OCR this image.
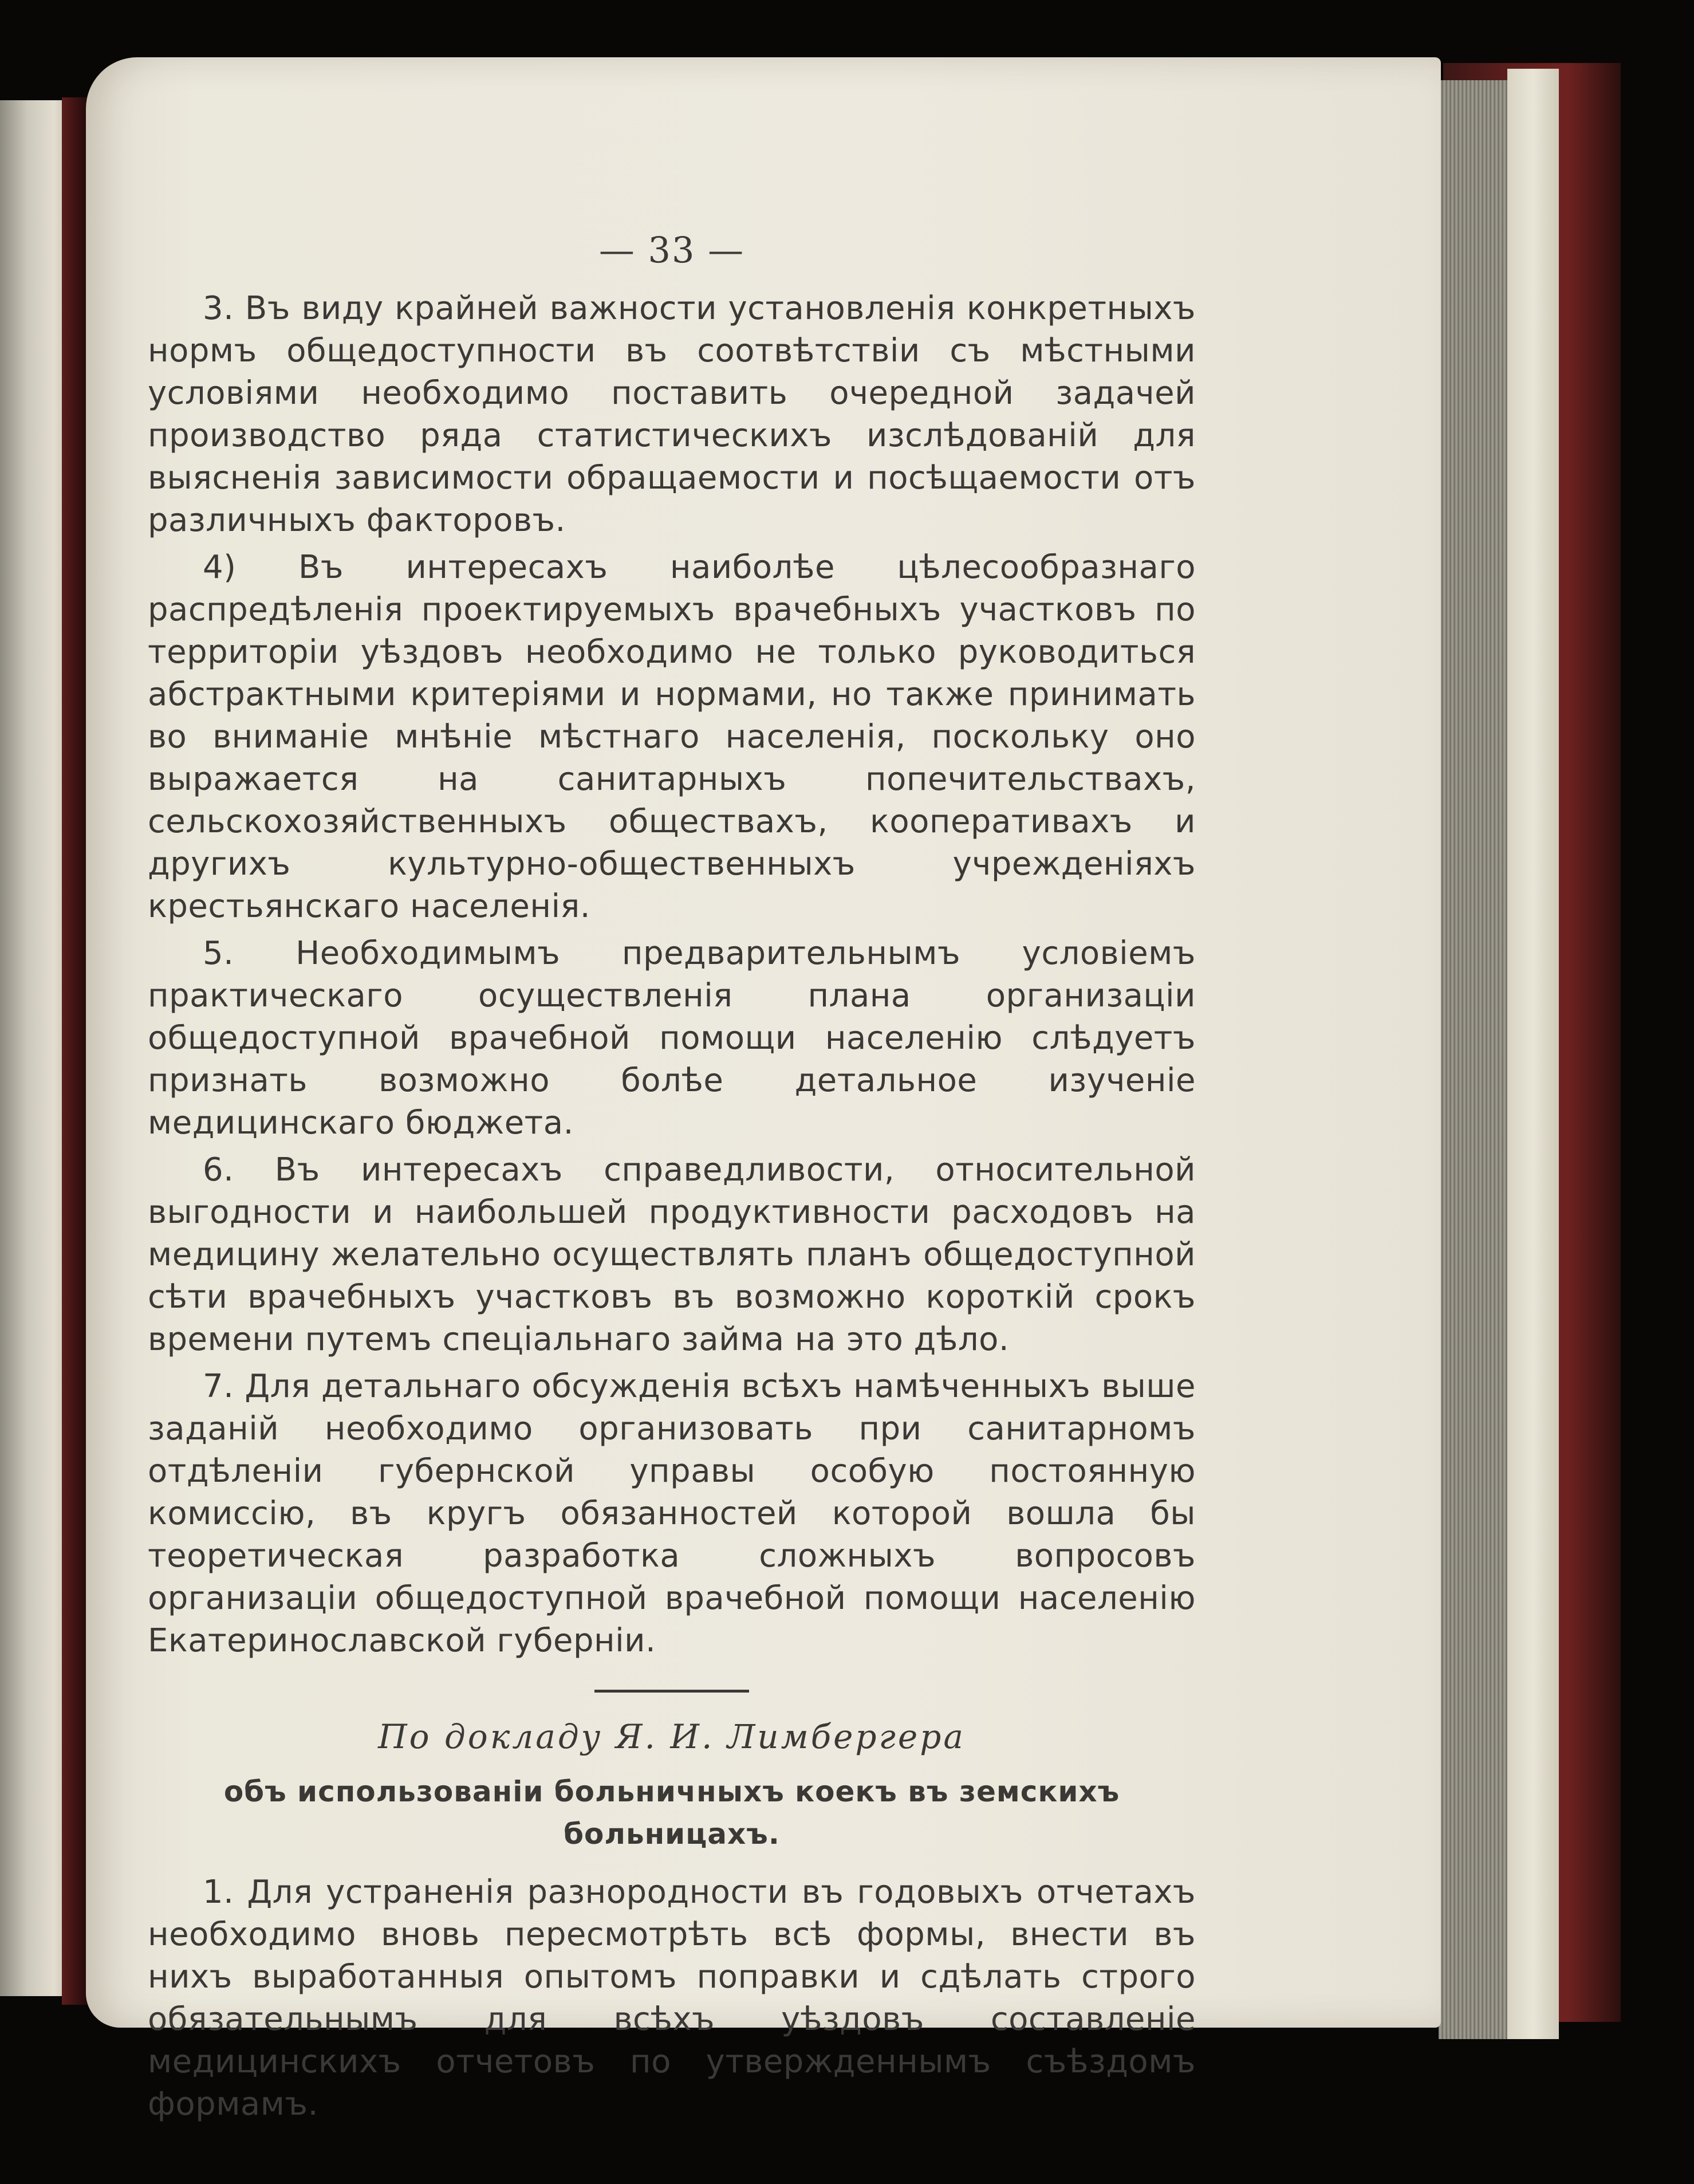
— 33 —

3. Въ виду крайней важности установленія конкретныхъ нормъ общедоступности въ соотвѣтствіи съ мѣстными условіями необходимо поставить очередной задачей производство ряда статистическихъ изслѣдованій для выясненія зависимости обращаемости и посѣщаемости отъ различныхъ факторовъ.

4) Въ интересахъ наиболѣе цѣлесообразнаго распредѣленія проектируемыхъ врачебныхъ участковъ по территоріи уѣздовъ необходимо не только руководиться абстрактными критеріями и нормами, но также принимать во вниманіе мнѣніе мѣстнаго населенія, поскольку оно выражается на санитарныхъ попечительствахъ, сельскохозяйственныхъ обществахъ, кооперативахъ и другихъ культурно-общественныхъ учрежденіяхъ крестьянскаго населенія.

5. Необходимымъ предварительнымъ условіемъ практическаго осуществленія плана организаціи общедоступной врачебной помощи населенію слѣдуетъ признать возможно болѣе детальное изученіе медицинскаго бюджета.

6. Въ интересахъ справедливости, относительной выгодности и наибольшей продуктивности расходовъ на медицину желательно осуществлять планъ общедоступной сѣти врачебныхъ участковъ въ возможно короткій срокъ времени путемъ спеціальнаго займа на это дѣло.

7. Для детальнаго обсужденія всѣхъ намѣченныхъ выше заданій необходимо организовать при санитарномъ отдѣленіи губернской управы особую постоянную комиссію, въ кругъ обязанностей которой вошла бы теоретическая разработка сложныхъ вопросовъ организаціи общедоступной врачебной помощи населенію Екатеринославской губерніи.

По докладу Я. И. Лимбергера
объ использованіи больничныхъ коекъ въ земскихъ больницахъ.

1. Для устраненія разнородности въ годовыхъ отчетахъ необходимо вновь пересмотрѣть всѣ формы, внести въ нихъ выработанныя опытомъ поправки и сдѣлать строго обязательнымъ для всѣхъ уѣздовъ составленіе медицинскихъ отчетовъ по утвержденнымъ съѣздомъ формамъ.
